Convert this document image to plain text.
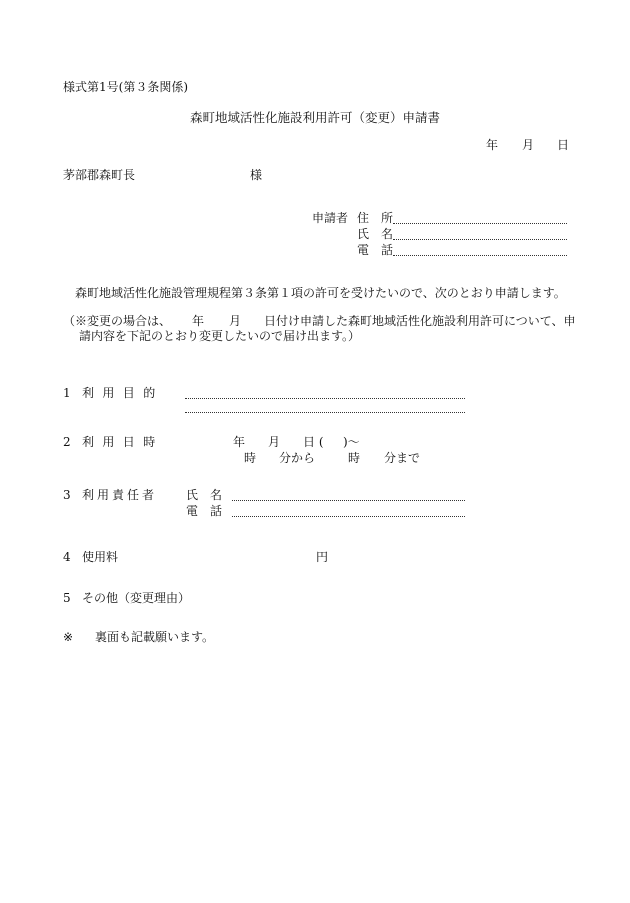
様式第1号(第３条関係)
森町地域活性化施設利用許可（変更）申請書
年 月 日
茅部郡森町長	様
申請者 住　所
氏　名
電　話
森町地域活性化施設管理規程第３条第１項の許可を受けたいので、次のとおり申請します。
（※変更の場合は、 年 月 日付け申請した森町地域活性化施設利用許可について、申
請内容を下記のとおり変更したいので届け出ます。）
1 利用目的
2 利用日時	年 月 日 ( )～
時 分から	時 分まで
3 利用責任者 氏　名
電　話
4 使用料	円
5 その他（変更理由）
※ 裏面も記載願います。
